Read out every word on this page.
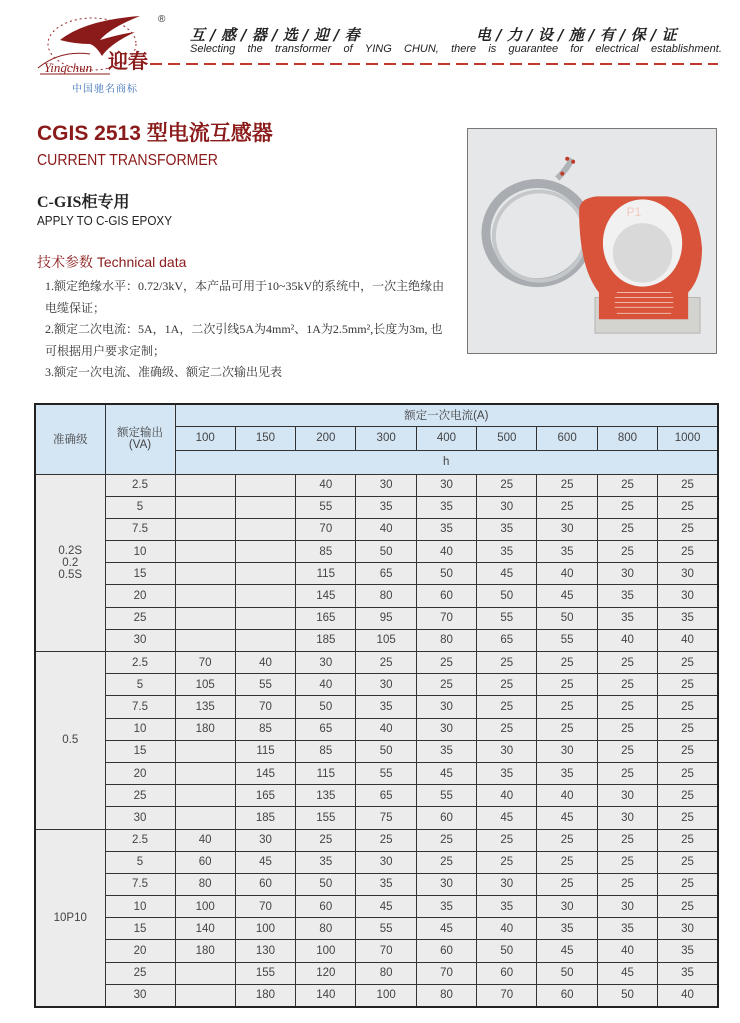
Yingchun 迎春
®
中国驰名商标
互 / 感 / 器 / 选 / 迎 / 春	电 / 力 / 设 / 施 / 有 / 保 / 证
Selecting the transformer of YING CHUN, there is guarantee for electrical establishment.
CGIS 2513 型电流互感器
CURRENT TRANSFORMER
C-GIS柜专用
APPLY TO C-GIS EPOXY
技术参数 Technical data

1.额定绝缘水平：0.72/3kV，本产品可用于10~35kV的系统中，一次主绝缘由电缆保证；

2.额定二次电流：5A，1A，二次引线5A为4mm²、1A为2.5mm²,长度为3m, 也可根据用户要求定制；

3.额定一次电流、准确级、额定二次输出见表

P1
准确级	额定输出
(VA)	额定一次电流(A)								
		100	150	200	300	400	500	600	800	1000
		h								
0.2S
0.2
0.5S	2.5			40	30	30	25	25	25	25
	5			55	35	35	30	25	25	25
	7.5			70	40	35	35	30	25	25
	10			85	50	40	35	35	25	25
	15			115	65	50	45	40	30	30
	20			145	80	60	50	45	35	30
	25			165	95	70	55	50	35	35
	30			185	105	80	65	55	40	40
0.5	2.5	70	40	30	25	25	25	25	25	25
	5	105	55	40	30	25	25	25	25	25
	7.5	135	70	50	35	30	25	25	25	25
	10	180	85	65	40	30	25	25	25	25
	15		115	85	50	35	30	30	25	25
	20		145	115	55	45	35	35	25	25
	25		165	135	65	55	40	40	30	25
	30		185	155	75	60	45	45	30	25
10P10	2.5	40	30	25	25	25	25	25	25	25
	5	60	45	35	30	25	25	25	25	25
	7.5	80	60	50	35	30	30	25	25	25
	10	100	70	60	45	35	35	30	30	25
	15	140	100	80	55	45	40	35	35	30
	20	180	130	100	70	60	50	45	40	35
	25		155	120	80	70	60	50	45	35
	30		180	140	100	80	70	60	50	40
